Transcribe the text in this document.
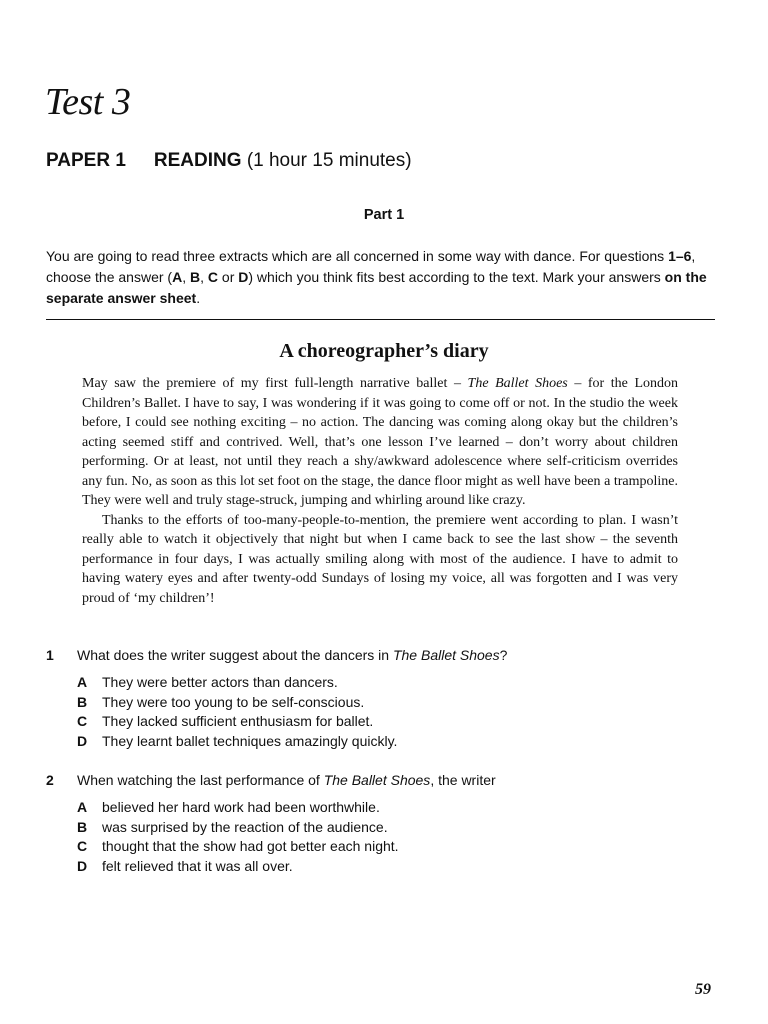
Test 3
PAPER 1 READING (1 hour 15 minutes)
Part 1

You are going to read three extracts which are all concerned in some way with dance. For questions 1–6, choose the answer (A, B, C or D) which you think fits best according to the text. Mark your answers on the separate answer sheet.

A choreographer’s diary

May saw the premiere of my first full-length narrative ballet – The Ballet Shoes – for the London Children’s Ballet. I have to say, I was wondering if it was going to come off or not. In the studio the week before, I could see nothing exciting – no action. The dancing was coming along okay but the children’s acting seemed stiff and contrived. Well, that’s one lesson I’ve learned – don’t worry about children performing. Or at least, not until they reach a shy/awkward adolescence where self-criticism overrides any fun. No, as soon as this lot set foot on the stage, the dance floor might as well have been a trampoline. They were well and truly stage-struck, jumping and whirling around like crazy.

Thanks to the efforts of too-many-people-to-mention, the premiere went according to plan. I wasn’t really able to watch it objectively that night but when I came back to see the last show – the seventh performance in four days, I was actually smiling along with most of the audience. I have to admit to having watery eyes and after twenty-odd Sundays of losing my voice, all was forgotten and I was very proud of ‘my children’!

1	What does the writer suggest about the dancers in The Ballet Shoes?
A	They were better actors than dancers.
B	They were too young to be self-conscious.
C	They lacked sufficient enthusiasm for ballet.
D	They learnt ballet techniques amazingly quickly.
2	When watching the last performance of The Ballet Shoes, the writer
A	believed her hard work had been worthwhile.
B	was surprised by the reaction of the audience.
C	thought that the show had got better each night.
D	felt relieved that it was all over.

59
